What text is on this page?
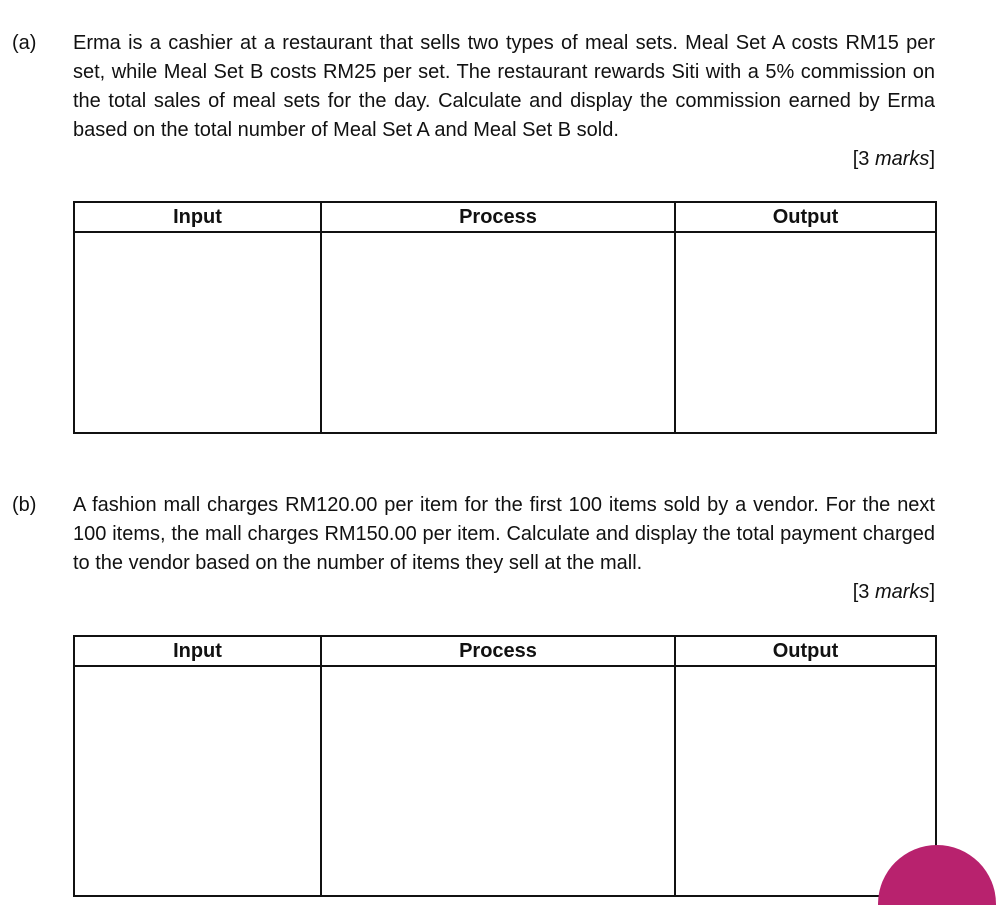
(a) Erma is a cashier at a restaurant that sells two types of meal sets. Meal Set A costs RM15 per set, while Meal Set B costs RM25 per set. The restaurant rewards Siti with a 5% commission on the total sales of meal sets for the day. Calculate and display the commission earned by Erma based on the total number of Meal Set A and Meal Set B sold.
[3 marks]
Input	Process	Output

(b) A fashion mall charges RM120.00 per item for the first 100 items sold by a vendor. For the next 100 items, the mall charges RM150.00 per item. Calculate and display the total payment charged to the vendor based on the number of items they sell at the mall.
[3 marks]
Input	Process	Output
